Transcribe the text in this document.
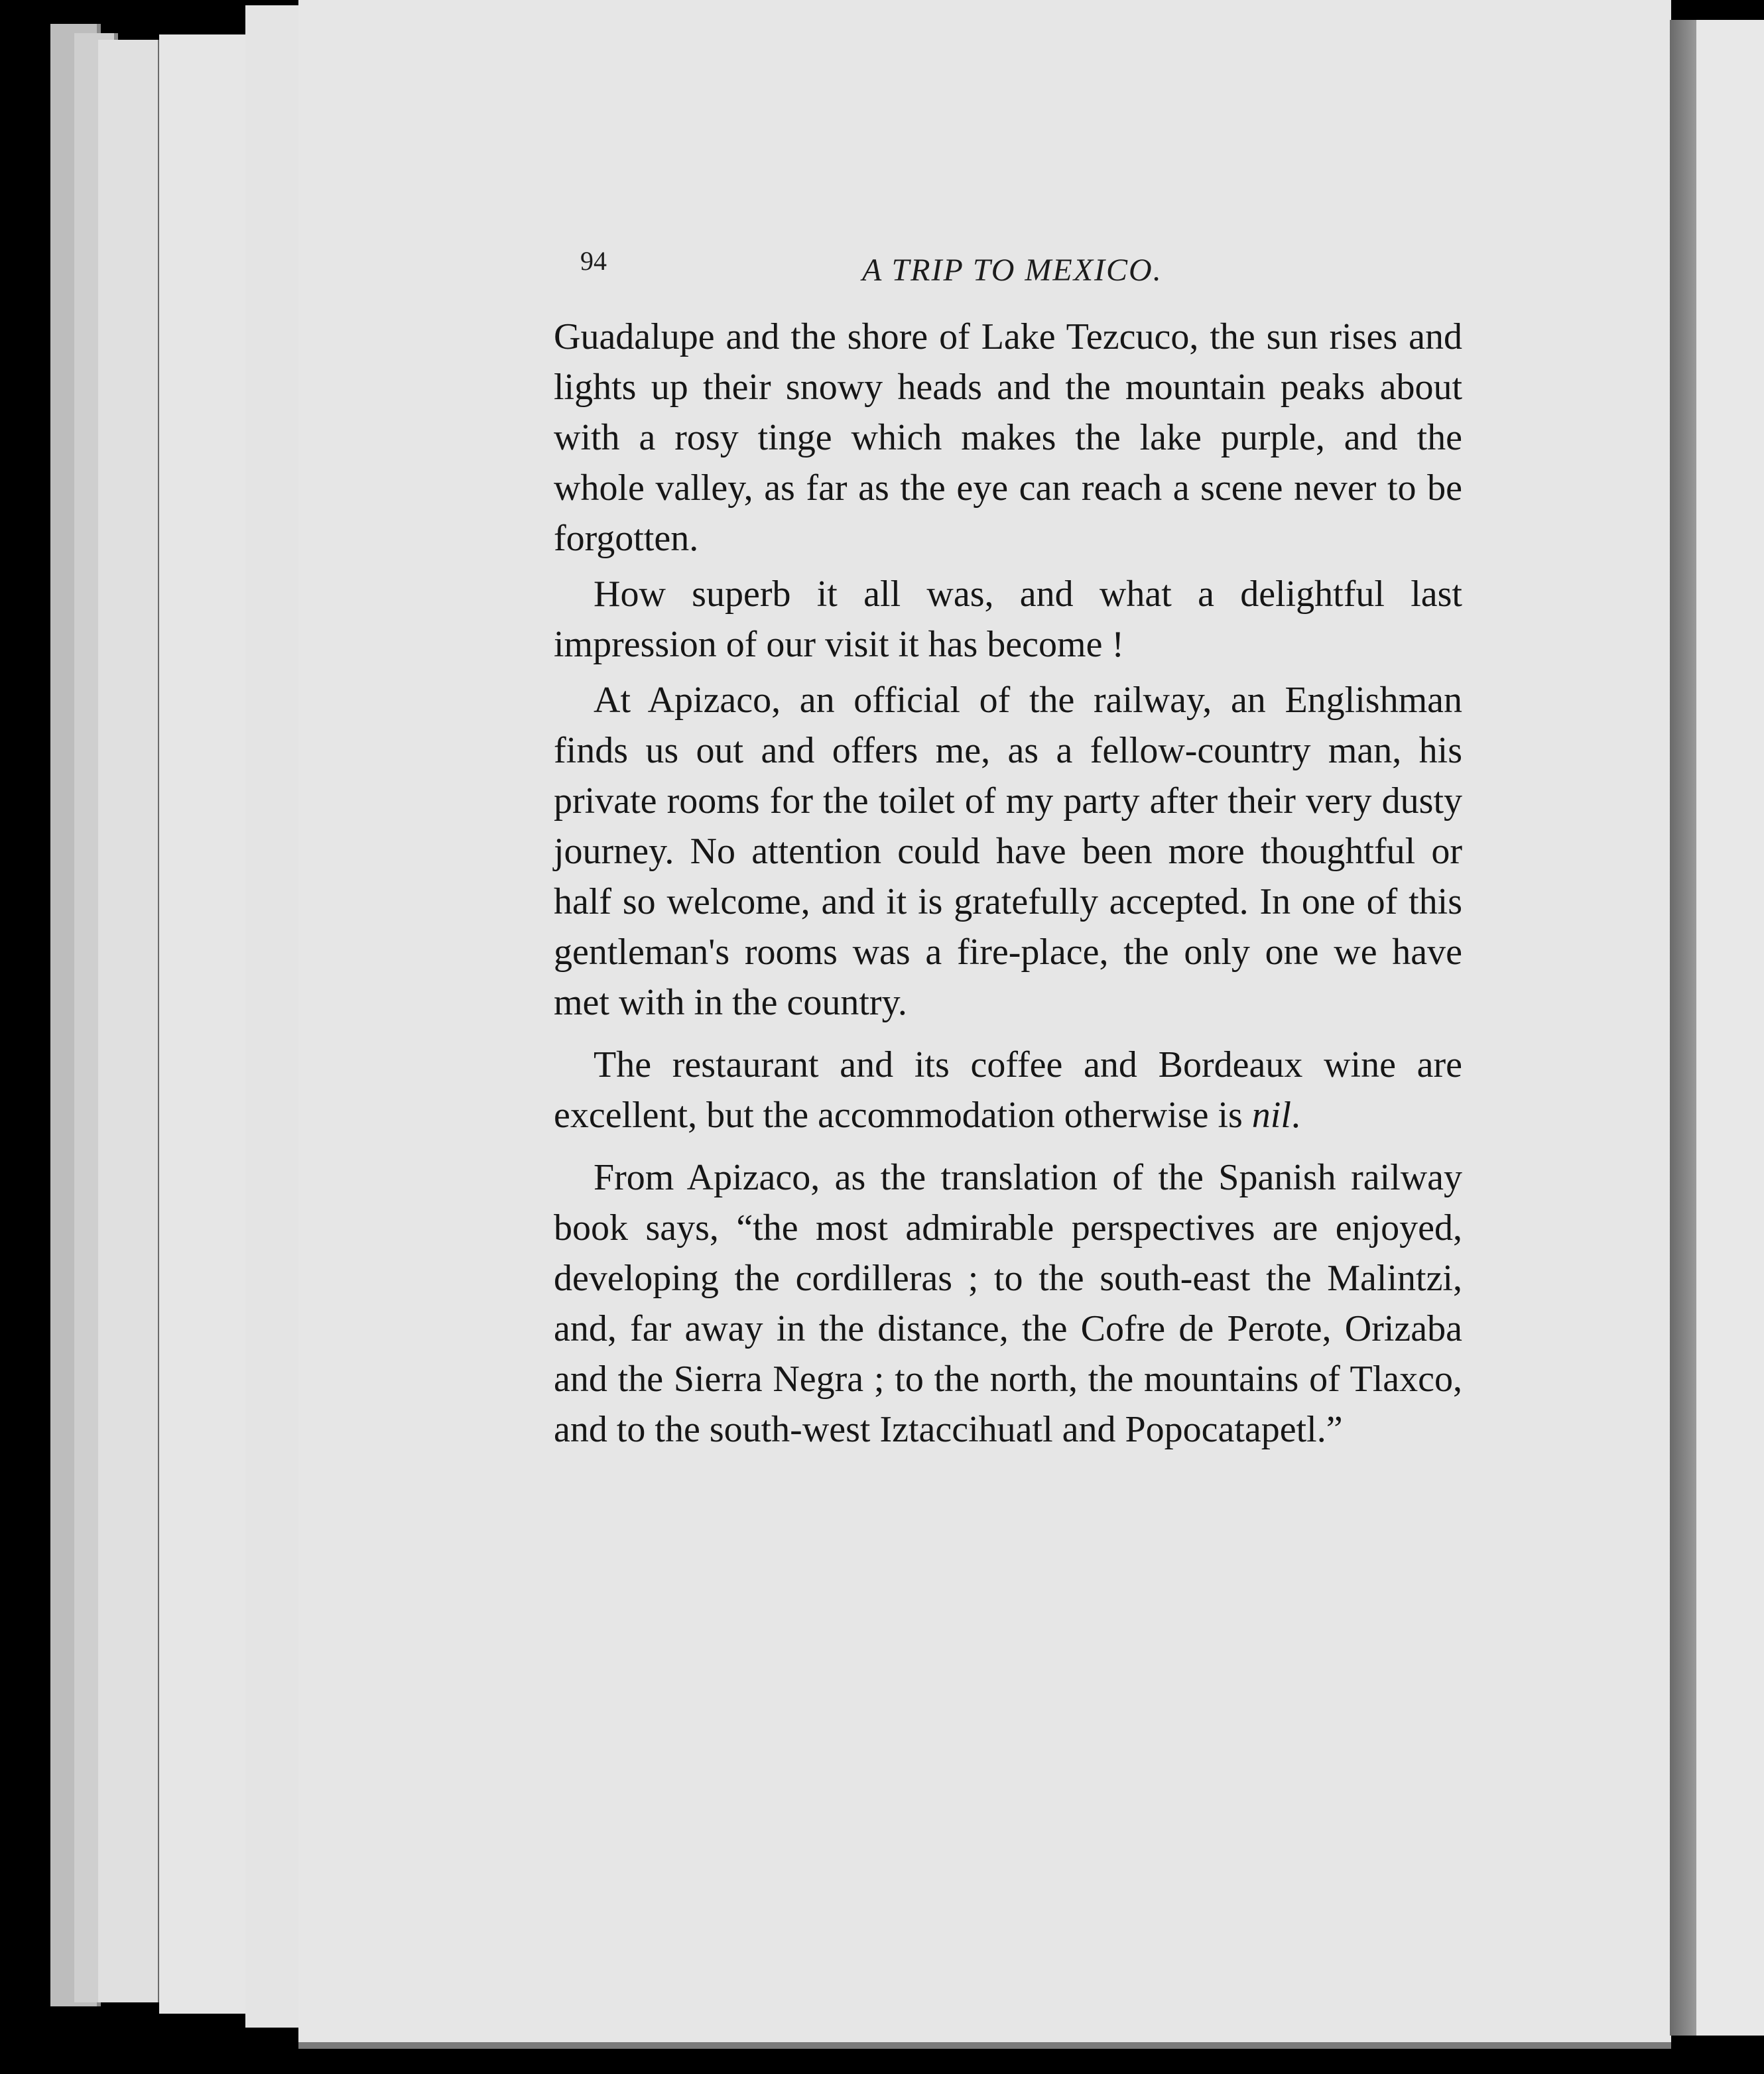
94	A TRIP TO MEXICO.

Guadalupe and the shore of Lake Tezcuco, the sun rises and lights up their snowy heads and the mountain peaks about with a rosy tinge which makes the lake purple, and the whole valley, as far as the eye can reach a scene never to be forgotten.

How superb it all was, and what a delightful last impression of our visit it has become !

At Apizaco, an official of the railway, an Englishman finds us out and offers me, as a fellow-country man, his private rooms for the toilet of my party after their very dusty journey. No attention could have been more thoughtful or half so welcome, and it is gratefully accepted. In one of this gentleman's rooms was a fire-place, the only one we have met with in the country.

The restaurant and its coffee and Bordeaux wine are excellent, but the accommodation otherwise is nil.

From Apizaco, as the translation of the Spanish railway book says, “the most admirable perspectives are enjoyed, developing the cordilleras ; to the south-east the Malintzi, and, far away in the distance, the Cofre de Perote, Orizaba and the Sierra Negra ; to the north, the mountains of Tlaxco, and to the south-west Iztaccihuatl and Popocatapetl.”
